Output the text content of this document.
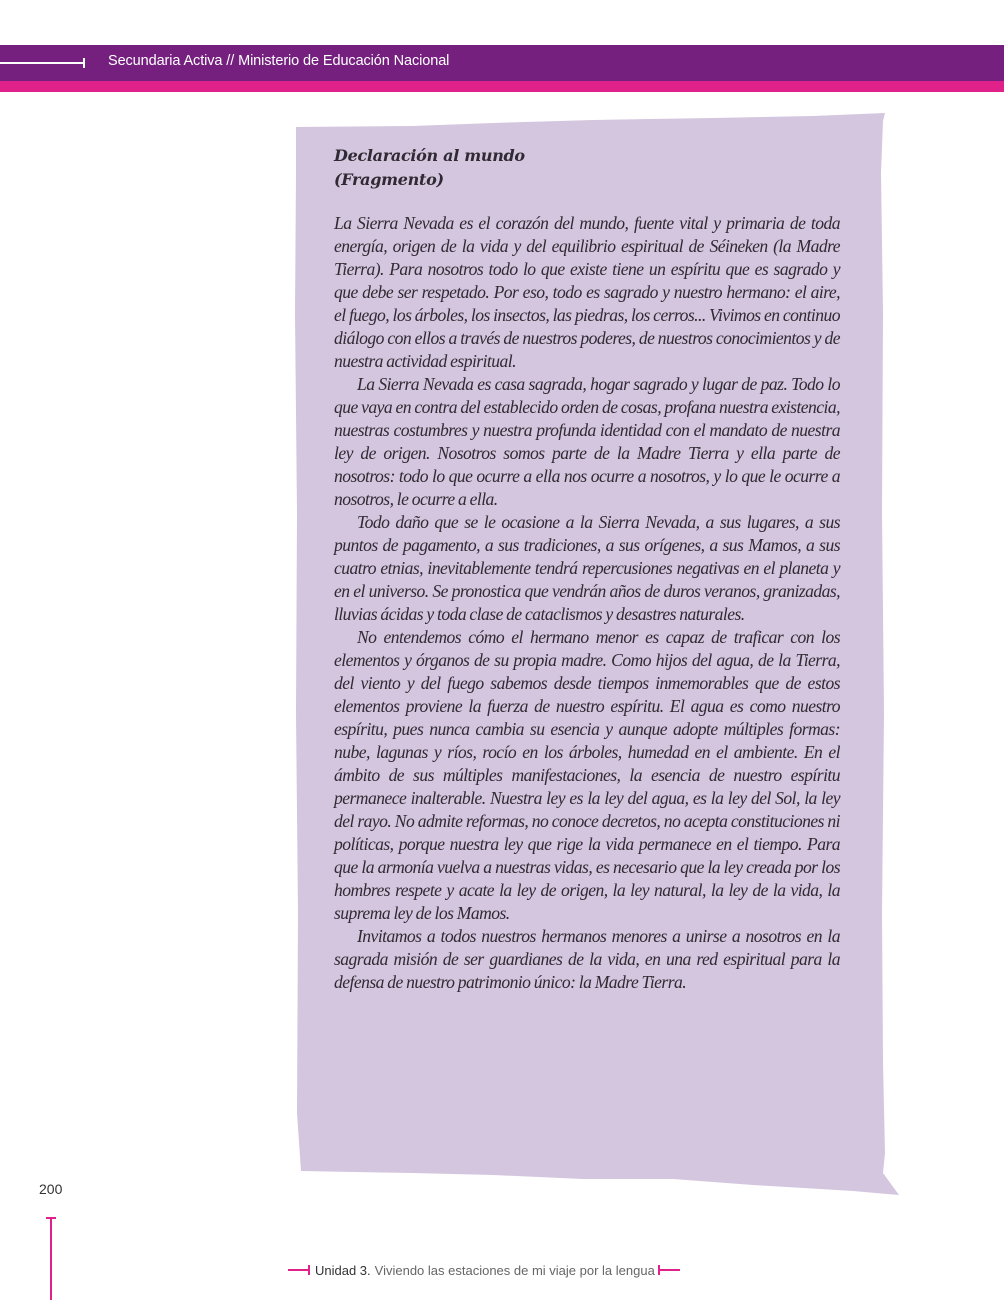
Secundaria Activa // Ministerio de Educación Nacional

Declaración al mundo

(Fragmento)

La Sierra Nevada es el corazón del mundo, fuente vital y primaria de toda energía, origen de la vida y del equilibrio espiritual de Séineken (la Madre Tierra). Para nosotros todo lo que existe tiene un espíritu que es sagrado y que debe ser respetado. Por eso, todo es sagrado y nuestro hermano: el aire, el fuego, los árboles, los insectos, las piedras, los cerros... Vivimos en continuo diálogo con ellos a través de nuestros poderes, de nuestros conocimientos y de nuestra actividad espiritual.

La Sierra Nevada es casa sagrada, hogar sagrado y lugar de paz. Todo lo que vaya en contra del establecido orden de cosas, profana nuestra existencia, nuestras costumbres y nuestra profunda identidad con el mandato de nuestra ley de origen. Nosotros somos parte de la Madre Tierra y ella parte de nosotros: todo lo que ocurre a ella nos ocurre a nosotros, y lo que le ocurre a nosotros, le ocurre a ella.

Todo daño que se le ocasione a la Sierra Nevada, a sus lugares, a sus puntos de pagamento, a sus tradiciones, a sus orígenes, a sus Mamos, a sus cuatro etnias, inevitablemente tendrá repercusiones negativas en el planeta y en el universo. Se pronostica que vendrán años de duros veranos, granizadas, lluvias ácidas y toda clase de cataclismos y desastres naturales.

No entendemos cómo el hermano menor es capaz de traficar con los elementos y órganos de su propia madre. Como hijos del agua, de la Tierra, del viento y del fuego sabemos desde tiempos inmemorables que de estos elementos proviene la fuerza de nuestro espíritu. El agua es como nuestro espíritu, pues nunca cambia su esencia y aunque adopte múltiples formas: nube, lagunas y ríos, rocío en los árboles, humedad en el ambiente. En el ámbito de sus múltiples manifestaciones, la esencia de nuestro espíritu permanece inalterable. Nuestra ley es la ley del agua, es la ley del Sol, la ley del rayo. No admite reformas, no conoce decretos, no acepta constituciones ni políticas, porque nuestra ley que rige la vida permanece en el tiempo. Para que la armonía vuelva a nuestras vidas, es necesario que la ley creada por los hombres respete y acate la ley de origen, la ley natural, la ley de la vida, la suprema ley de los Mamos.

Invitamos a todos nuestros hermanos menores a unirse a nosotros en la sagrada misión de ser guardianes de la vida, en una red espiritual para la defensa de nuestro patrimonio único: la Madre Tierra.

200
Unidad 3. Viviendo las estaciones de mi viaje por la lengua
